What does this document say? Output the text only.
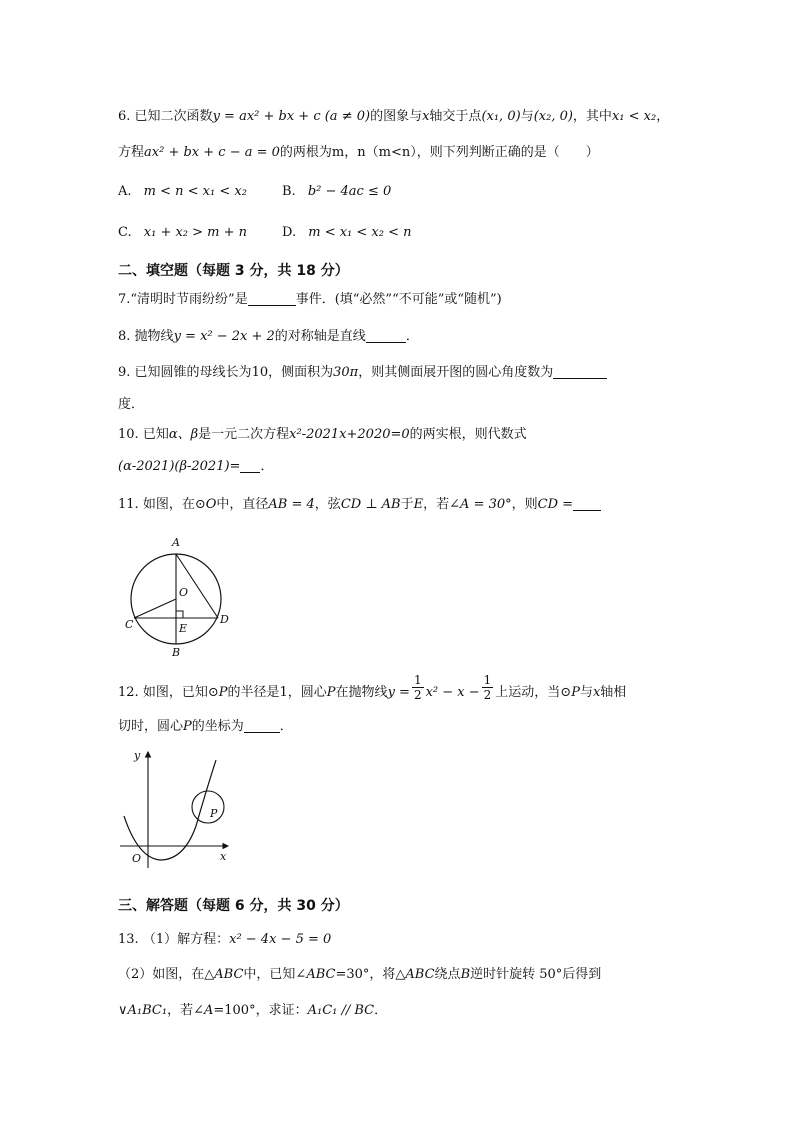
6. 已知二次函数y = ax² + bx + c (a ≠ 0)的图象与x轴交于点(x₁, 0)与(x₂, 0)，其中x₁ < x₂，
方程ax² + bx + c − a = 0的两根为m，n（m<n），则下列判断正确的是（　　）
A. m < n < x₁ < x₂	B. b² − 4ac ≤ 0
C. x₁ + x₂ > m + n	D. m < x₁ < x₂ < n
二、填空题（每题 3 分，共 18 分）
7.“清明时节雨纷纷”是	事件．(填“必然”“不可能”或“随机”)
8. 抛物线y = x² − 2x + 2的对称轴是直线	．
9. 已知圆锥的母线长为10，侧面积为30π，则其侧面展开图的圆心角度数为
度．
10. 已知α、β是一元二次方程x²-2021x+2020=0的两实根，则代数式
(α-2021)(β-2021)= ．
11. 如图，在⊙O中，直径AB = 4，弦CD ⊥ AB于E，若∠A = 30°，则CD =
A
O
C	D
E
B
12. 如图，已知⊙P的半径是1，圆心P在抛物线$y = \frac{1}{2} x^2 - x - \frac{1}{2}$ 上运动，当⊙P与x轴相
切时，圆心P的坐标为	．
y
x
O
P
三、解答题（每题 6 分，共 30 分）
13. （1）解方程：x² − 4x − 5 = 0
（2）如图，在△ABC中，已知∠ABC=30°，将△ABC绕点B逆时针旋转 50°后得到
∨A₁BC₁，若∠A=100°，求证：A₁C₁ // BC．
